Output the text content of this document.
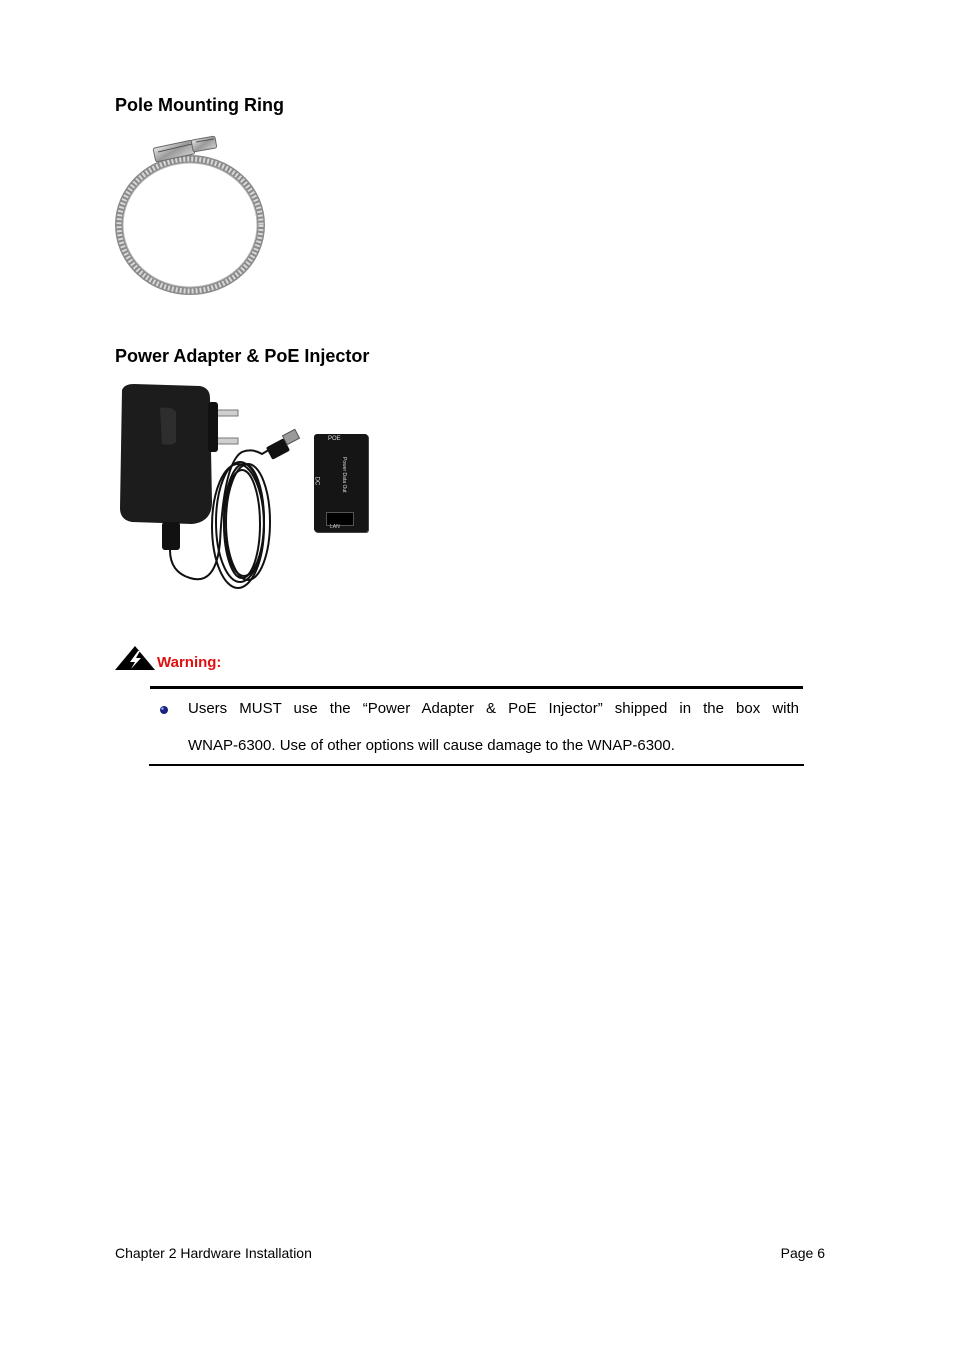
Pole Mounting Ring
Power Adapter & PoE Injector
POE
DC	Power Data Out
LAN
Warning:
Users MUST use the “Power Adapter & PoE Injector” shipped in the box with
WNAP-6300. Use of other options will cause damage to the WNAP-6300.
Chapter 2 Hardware Installation	Page 6
